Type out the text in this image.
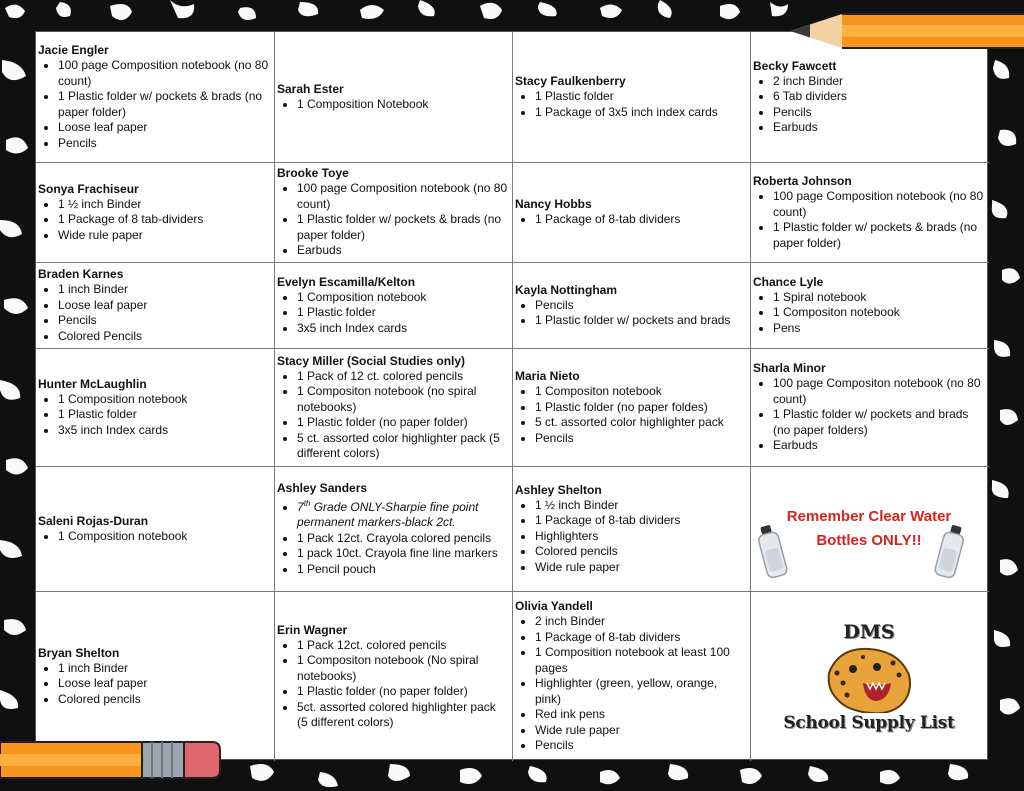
Jacie Engler
• 100 page Composition notebook (no 80 count)
• 1 Plastic folder w/ pockets & brads (no paper folder)
• Loose leaf paper
• Pencils
Sarah Ester
• 1 Composition Notebook
Stacy Faulkenberry
• 1 Plastic folder
• 1 Package of 3x5 inch index cards
Becky Fawcett
• 2 inch Binder
• 6 Tab dividers
• Pencils
• Earbuds
Sonya Frachiseur
• 1 ½ inch Binder
• 1 Package of 8 tab-dividers
• Wide rule paper
Brooke Toye
• 100 page Composition notebook (no 80 count)
• 1 Plastic folder w/ pockets & brads (no paper folder)
• Earbuds
Nancy Hobbs
• 1 Package of 8-tab dividers
Roberta Johnson
• 100 page Composition notebook (no 80 count)
• 1 Plastic folder w/ pockets & brads (no paper folder)
Braden Karnes
• 1 inch Binder
• Loose leaf paper
• Pencils
• Colored Pencils
Evelyn Escamilla/Kelton
• 1 Composition notebook
• 1 Plastic folder
• 3x5 inch Index cards
Kayla Nottingham
• Pencils
• 1 Plastic folder w/ pockets and brads
Chance Lyle
• 1 Spiral notebook
• 1 Compositon notebook
• Pens
Hunter McLaughlin
• 1 Composition notebook
• 1 Plastic folder
• 3x5 inch Index cards
Stacy Miller (Social Studies only)
• 1 Pack of 12 ct. colored pencils
• 1 Compositon notebook (no spiral notebooks)
• 1 Plastic folder (no paper folder)
• 5 ct. assorted color highlighter pack (5 different colors)
Maria Nieto
• 1 Compositon notebook
• 1 Plastic folder (no paper foldes)
• 5 ct. assorted color highlighter pack
• Pencils
Sharla Minor
• 100 page Compositon notebook (no 80 count)
• 1 Plastic folder w/ pockets and brads (no paper folders)
• Earbuds
Saleni Rojas-Duran
• 1 Composition notebook
Ashley Sanders
• 7th Grade ONLY-Sharpie fine point permanent markers-black 2ct.
• 1 Pack 12ct. Crayola colored pencils
• 1 pack 10ct. Crayola fine line markers
• 1 Pencil pouch
Ashley Shelton
• 1 ½ inch Binder
• 1 Package of 8-tab dividers
• Highlighters
• Colored pencils
• Wide rule paper
Remember Clear Water Bottles ONLY!!
Bryan Shelton
• 1 inch Binder
• Loose leaf paper
• Colored pencils
Erin Wagner
• 1 Pack 12ct. colored pencils
• 1 Compositon notebook (No spiral notebooks)
• 1 Plastic folder (no paper folder)
• 5ct. assorted colored highlighter pack (5 different colors)
Olivia Yandell
• 2 inch Binder
• 1 Package of 8-tab dividers
• 1 Composition notebook at least 100 pages
• Highlighter (green, yellow, orange, pink)
• Red ink pens
• Wide rule paper
• Pencils
DMS
School Supply List
